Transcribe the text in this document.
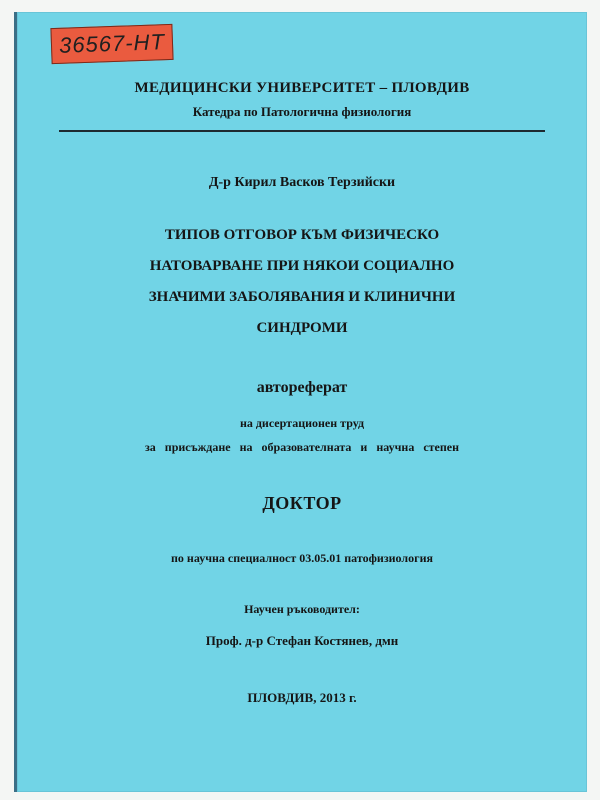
36567-НТ
МЕДИЦИНСКИ УНИВЕРСИТЕТ – ПЛОВДИВ
Катедра по Патологична физиология
Д-р Кирил Васков Терзийски
ТИПОВ ОТГОВОР КЪМ ФИЗИЧЕСКО
НАТОВАРВАНЕ ПРИ НЯКОИ СОЦИАЛНО
ЗНАЧИМИ ЗАБОЛЯВАНИЯ И КЛИНИЧНИ
СИНДРОМИ
автореферат
на дисертационен труд
за присъждане на образователната и научна степен
ДОКТОР
по научна специалност 03.05.01 патофизиология
Научен ръководител:
Проф. д-р Стефан Костянев, дмн
ПЛОВДИВ, 2013 г.
